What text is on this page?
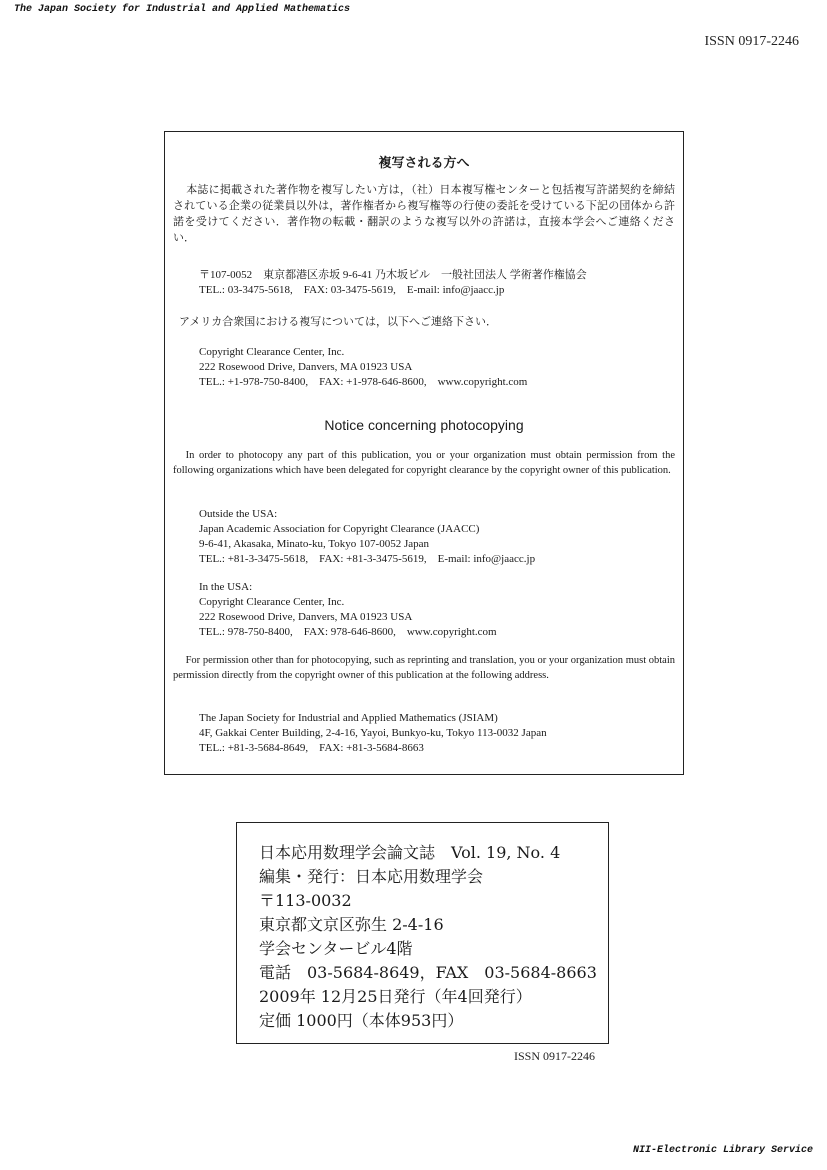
The Japan Society for Industrial and Applied Mathematics
ISSN 0917-2246
複写される方へ
本誌に掲載された著作物を複写したい方は，（社）日本複写権センターと包括複写許諾契約を締結されている企業の従業員以外は，著作権者から複写権等の行使の委託を受けている下記の団体から許諾を受けてください．著作物の転載・翻訳のような複写以外の許諾は，直接本学会へご連絡ください．
〒107-0052　東京都港区赤坂 9-6-41 乃木坂ビル　一般社団法人 学術著作権協会
TEL.: 03-3475-5618,　FAX: 03-3475-5619,　E-mail: info@jaacc.jp
アメリカ合衆国における複写については，以下へご連絡下さい．
Copyright Clearance Center, Inc.
222 Rosewood Drive, Danvers, MA 01923 USA
TEL.: +1-978-750-8400,　FAX: +1-978-646-8600,　www.copyright.com
Notice concerning photocopying
In order to photocopy any part of this publication, you or your organization must obtain permission from the following organizations which have been delegated for copyright clearance by the copyright owner of this publication.
Outside the USA:
Japan Academic Association for Copyright Clearance (JAACC)
9-6-41, Akasaka, Minato-ku, Tokyo 107-0052 Japan
TEL.: +81-3-3475-5618,　FAX: +81-3-3475-5619,　E-mail: info@jaacc.jp
In the USA:
Copyright Clearance Center, Inc.
222 Rosewood Drive, Danvers, MA 01923 USA
TEL.: 978-750-8400,　FAX: 978-646-8600,　www.copyright.com
For permission other than for photocopying, such as reprinting and translation, you or your organization must obtain permission directly from the copyright owner of this publication at the following address.
The Japan Society for Industrial and Applied Mathematics (JSIAM)
4F, Gakkai Center Building, 2-4-16, Yayoi, Bunkyo-ku, Tokyo 113-0032 Japan
TEL.: +81-3-5684-8649,　FAX: +81-3-5684-8663
日本応用数理学会論文誌　Vol. 19, No. 4
編集・発行：日本応用数理学会
〒113-0032
東京都文京区弥生 2-4-16
学会センタービル4階
電話　03-5684-8649，FAX　03-5684-8663
2009年 12月25日発行（年4回発行）
定価 1000円（本体953円）
ISSN 0917-2246
NII-Electronic Library Service
